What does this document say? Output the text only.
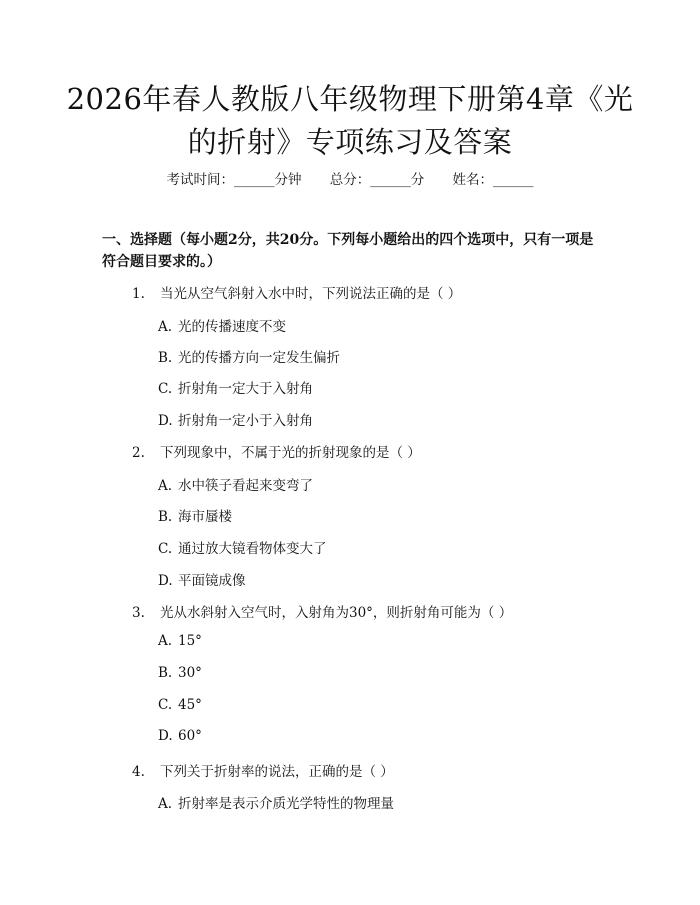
2026年春人教版八年级物理下册第4章《光的折射》专项练习及答案
考试时间：______分钟 总分：______分 姓名：______
一、选择题（每小题2分，共20分。下列每小题给出的四个选项中，只有一项是符合题目要求的。）
1. 当光从空气斜射入水中时，下列说法正确的是（ ）
A. 光的传播速度不变
B. 光的传播方向一定发生偏折
C. 折射角一定大于入射角
D. 折射角一定小于入射角
2. 下列现象中，不属于光的折射现象的是（ ）
A. 水中筷子看起来变弯了
B. 海市蜃楼
C. 通过放大镜看物体变大了
D. 平面镜成像
3. 光从水斜射入空气时，入射角为30°，则折射角可能为（ ）
A. 15°
B. 30°
C. 45°
D. 60°
4. 下列关于折射率的说法，正确的是（ ）
A. 折射率是表示介质光学特性的物理量
